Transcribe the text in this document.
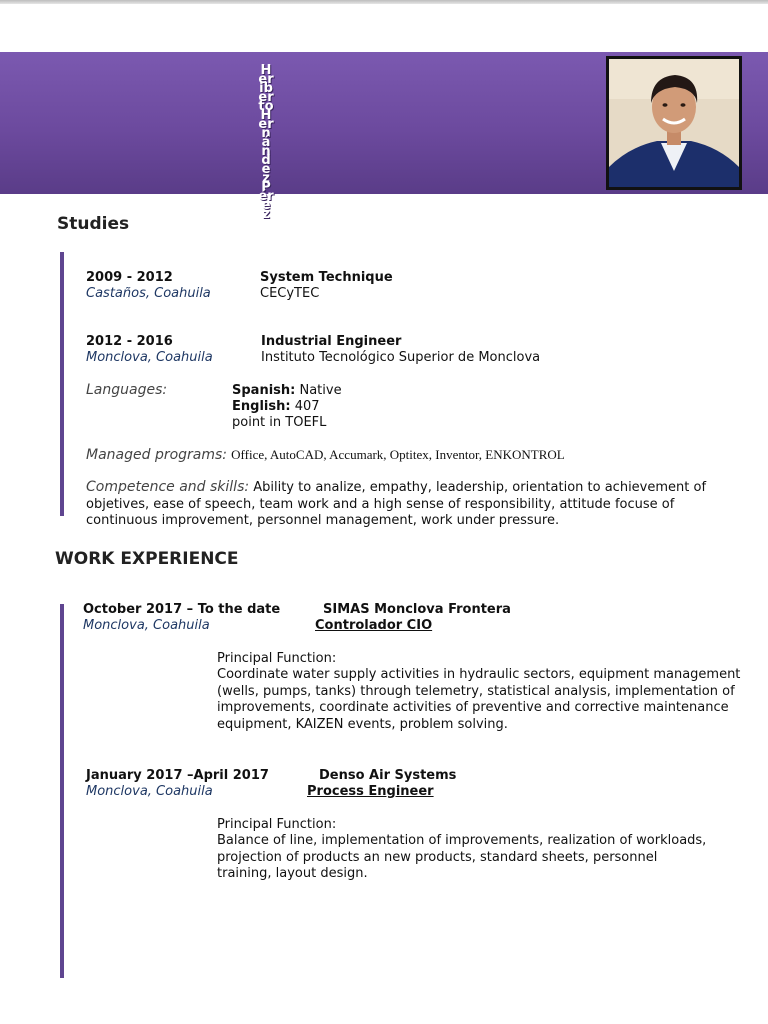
Heriberto Hernández Pérez
Studies
2009 - 2012
Castaños, Coahuila
System Technique
CECyTEC
2012 - 2016
Monclova, Coahuila
Industrial Engineer
Instituto Tecnológico Superior de Monclova
Languages:	Spanish: Native
English: 407
point in TOEFL
Managed programs: Office, AutoCAD, Accumark, Optitex, Inventor, ENKONTROL
Competence and skills: Ability to analize, empathy, leadership, orientation to achievement of objetives, ease of speech, team work and a high sense of responsibility, attitude focuse of continuous improvement, personnel management, work under pressure.
WORK EXPERIENCE
October 2017 – To the date
Monclova, Coahuila
SIMAS Monclova Frontera
Controlador CIO
Principal Function:
Coordinate water supply activities in hydraulic sectors, equipment management (wells, pumps, tanks) through telemetry, statistical analysis, implementation of improvements, coordinate activities of preventive and corrective maintenance equipment, KAIZEN events, problem solving.
January 2017 –April 2017
Monclova, Coahuila
Denso Air Systems
Process Engineer
Principal Function:
Balance of line, implementation of improvements, realization of workloads, projection of products an new products, standard sheets, personnel training, layout design.
